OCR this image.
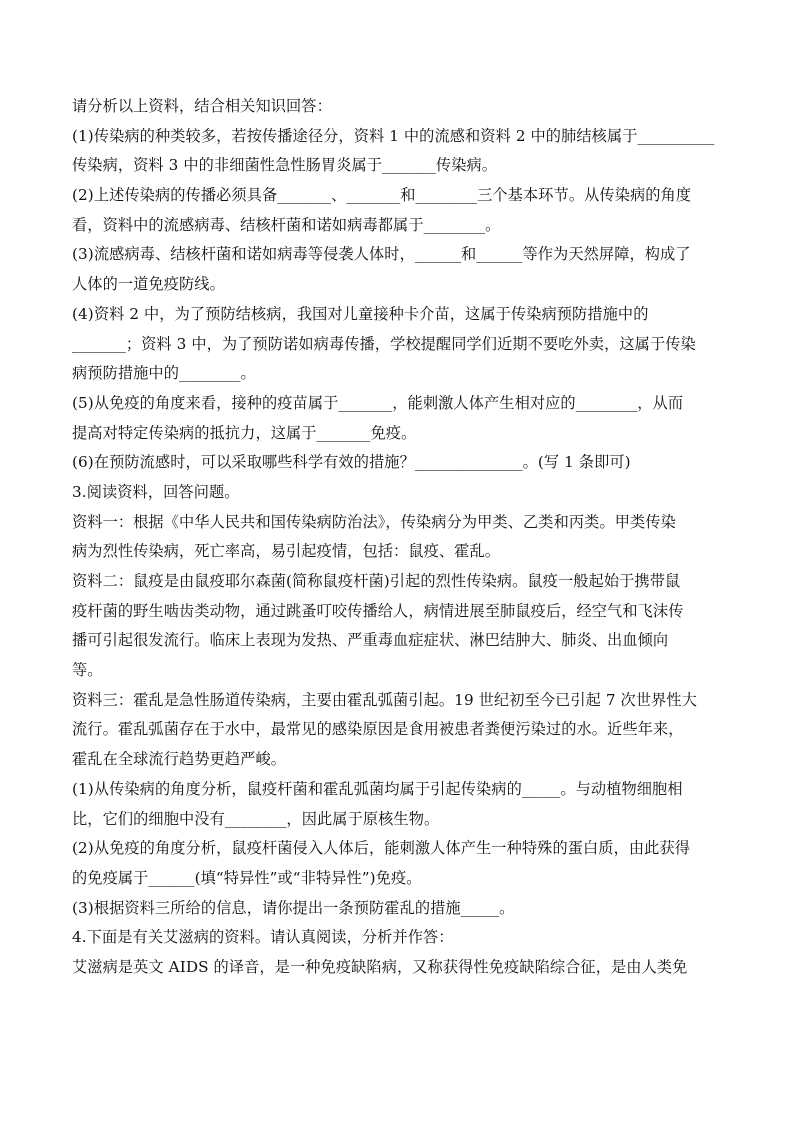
请分析以上资料，结合相关知识回答：
(1)传染病的种类较多，若按传播途径分，资料 1 中的流感和资料 2 中的肺结核属于__________
传染病，资料 3 中的非细菌性急性肠胃炎属于_______传染病。
(2)上述传染病的传播必须具备_______、_______和________三个基本环节。从传染病的角度
看，资料中的流感病毒、结核杆菌和诺如病毒都属于________。
(3)流感病毒、结核杆菌和诺如病毒等侵袭人体时，______和______等作为天然屏障，构成了
人体的一道免疫防线。
(4)资料 2 中，为了预防结核病，我国对儿童接种卡介苗，这属于传染病预防措施中的
_______；资料 3 中，为了预防诺如病毒传播，学校提醒同学们近期不要吃外卖，这属于传染
病预防措施中的________。
(5)从免疫的角度来看，接种的疫苗属于_______，能刺激人体产生相对应的________，从而
提高对特定传染病的抵抗力，这属于_______免疫。
(6)在预防流感时，可以采取哪些科学有效的措施？______________。(写 1 条即可)
3.阅读资料，回答问题。
资料一：根据《中华人民共和国传染病防治法》，传染病分为甲类、乙类和丙类。甲类传染
病为烈性传染病，死亡率高，易引起疫情，包括：鼠疫、霍乱。
资料二：鼠疫是由鼠疫耶尔森菌(简称鼠疫杆菌)引起的烈性传染病。鼠疫一般起始于携带鼠
疫杆菌的野生啮齿类动物，通过跳蚤叮咬传播给人，病情进展至肺鼠疫后，经空气和飞沫传
播可引起很发流行。临床上表现为发热、严重毒血症症状、淋巴结肿大、肺炎、出血倾向
等。
资料三：霍乱是急性肠道传染病，主要由霍乱弧菌引起。19 世纪初至今已引起 7 次世界性大
流行。霍乱弧菌存在于水中，最常见的感染原因是食用被患者粪便污染过的水。近些年来，
霍乱在全球流行趋势更趋严峻。
(1)从传染病的角度分析，鼠疫杆菌和霍乱弧菌均属于引起传染病的_____。与动植物细胞相
比，它们的细胞中没有________，因此属于原核生物。
(2)从免疫的角度分析，鼠疫杆菌侵入人体后，能刺激人体产生一种特殊的蛋白质，由此获得
的免疫属于______(填“特异性”或“非特异性”)免疫。
(3)根据资料三所给的信息，请你提出一条预防霍乱的措施_____。
4.下面是有关艾滋病的资料。请认真阅读，分析并作答：
艾滋病是英文 AIDS 的译音，是一种免疫缺陷病，又称获得性免疫缺陷综合征，是由人类免
